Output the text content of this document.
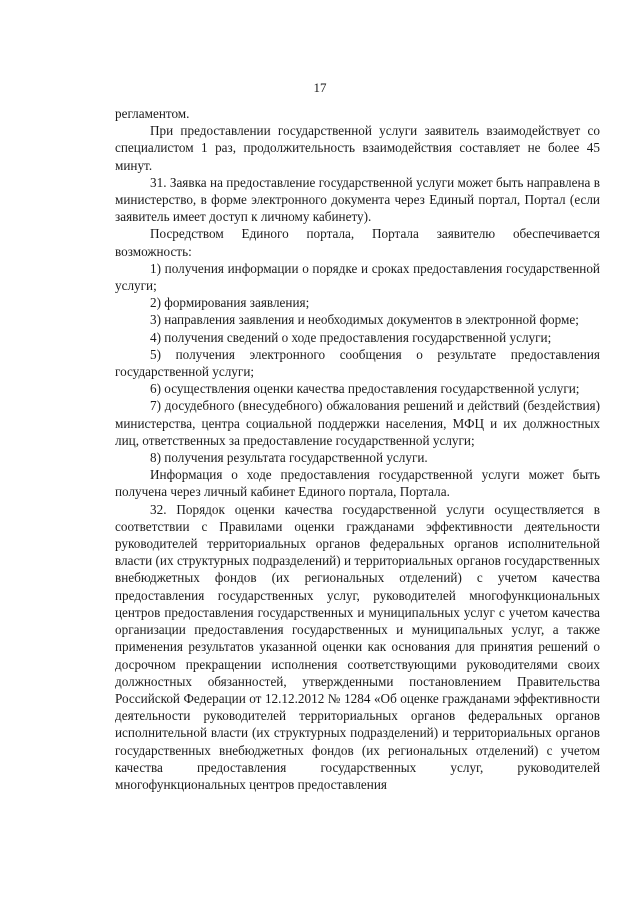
17

регламентом.

При предоставлении государственной услуги заявитель взаимодействует со специалистом 1 раз, продолжительность взаимодействия составляет не более 45 минут.

31. Заявка на предоставление государственной услуги может быть направлена в министерство, в форме электронного документа через Единый портал, Портал (если заявитель имеет доступ к личному кабинету).

Посредством Единого портала, Портала заявителю обеспечивается возможность:

1) получения информации о порядке и сроках предоставления государственной услуги;

2) формирования заявления;

3) направления заявления и необходимых документов в электронной форме;

4) получения сведений о ходе предоставления государственной услуги;

5) получения электронного сообщения о результате предоставления государственной услуги;

6) осуществления оценки качества предоставления государственной услуги;

7) досудебного (внесудебного) обжалования решений и действий (бездействия) министерства, центра социальной поддержки населения, МФЦ и их должностных лиц, ответственных за предоставление государственной услуги;

8) получения результата государственной услуги.

Информация о ходе предоставления государственной услуги может быть получена через личный кабинет Единого портала, Портала.

32. Порядок оценки качества государственной услуги осуществляется в соответствии с Правилами оценки гражданами эффективности деятельности руководителей территориальных органов федеральных органов исполнительной власти (их структурных подразделений) и территориальных органов государственных внебюджетных фондов (их региональных отделений) с учетом качества предоставления государственных услуг, руководителей многофункциональных центров предоставления государственных и муниципальных услуг с учетом качества организации предоставления государственных и муниципальных услуг, а также применения результатов указанной оценки как основания для принятия решений о досрочном прекращении исполнения соответствующими руководителями своих должностных обязанностей, утвержденными постановлением Правительства Российской Федерации от 12.12.2012 № 1284 «Об оценке гражданами эффективности деятельности руководителей территориальных органов федеральных органов исполнительной власти (их структурных подразделений) и территориальных органов государственных внебюджетных фондов (их региональных отделений) с учетом качества предоставления государственных услуг, руководителей многофункциональных центров предоставления
